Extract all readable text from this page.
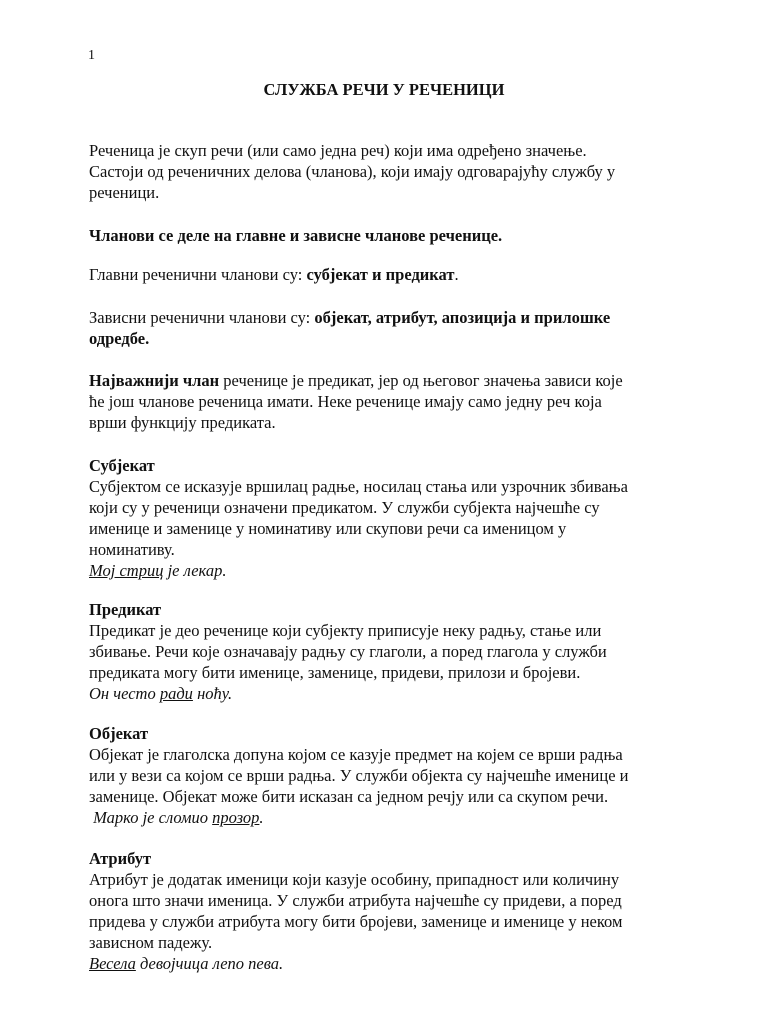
1
СЛУЖБА РЕЧИ У РЕЧЕНИЦИ
Реченица је скуп речи (или само једна реч) који има одређено значење.
Састоји од реченичних делова (чланова), који имају одговарајућу службу у
реченици.
Чланови се деле на главне и зависне чланове реченице.
Главни реченични чланови су: субјекат и предикат.
Зависни реченични чланови су: објекат, атрибут, апозиција и прилошке
одредбе.
Најважнији члан реченице је предикат, јер од његовог значења зависи које
ће још чланове реченица имати. Неке реченице имају само једну реч која
врши функцију предиката.
Субјекат
Субјектом се исказује вршилац радње, носилац стања или узрочник збивања
који су у реченици означени предикатом. У служби субјекта најчешће су
именице и заменице у номинативу или скупови речи са именицом у
номинативу.
Мој стриц је лекар.
Предикат
Предикат је део реченице који субјекту приписује неку радњу, стање или
збивање. Речи које означавају радњу су глаголи, а поред глагола у служби
предиката могу бити именице, заменице, придеви, прилози и бројеви.
Он често ради ноћу.
Објекат
Објекат је глаголска допуна којом се казује предмет на којем се врши радња
или у вези са којом се врши радња. У служби објекта су најчешће именице и
заменице. Објекат може бити исказан са једном речју или са скупом речи.
Марко је сломио прозор.
Атрибут
Атрибут је додатак именици који казује особину, припадност или количину
онога што значи именица. У служби атрибута најчешће су придеви, а поред
придева у служби атрибута могу бити бројеви, заменице и именице у неком
зависном падежу.
Весела девојчица лепо пева.
